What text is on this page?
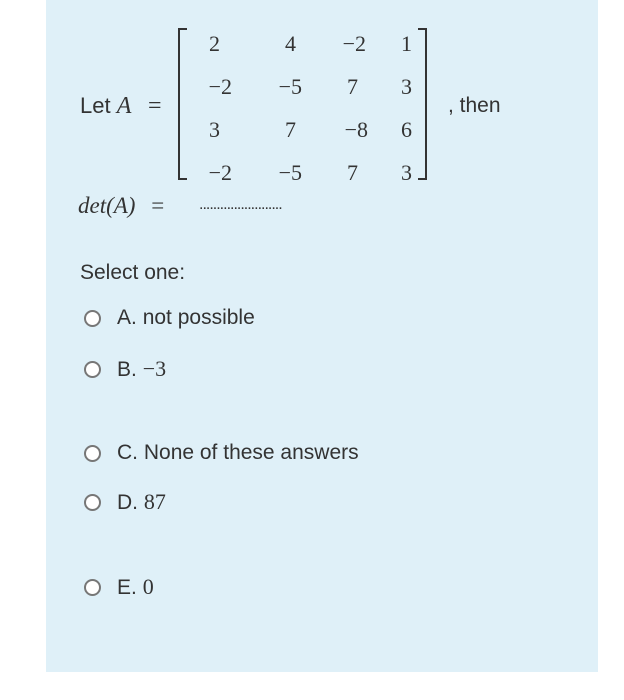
Let A =
2	4	−2	1
−2	−5	7	3
3	7	−8	6
−2	−5	7	3
, then
det(A) = ........................
Select one:
A. not possible
B. −3
C. None of these answers
D. 87
E. 0
